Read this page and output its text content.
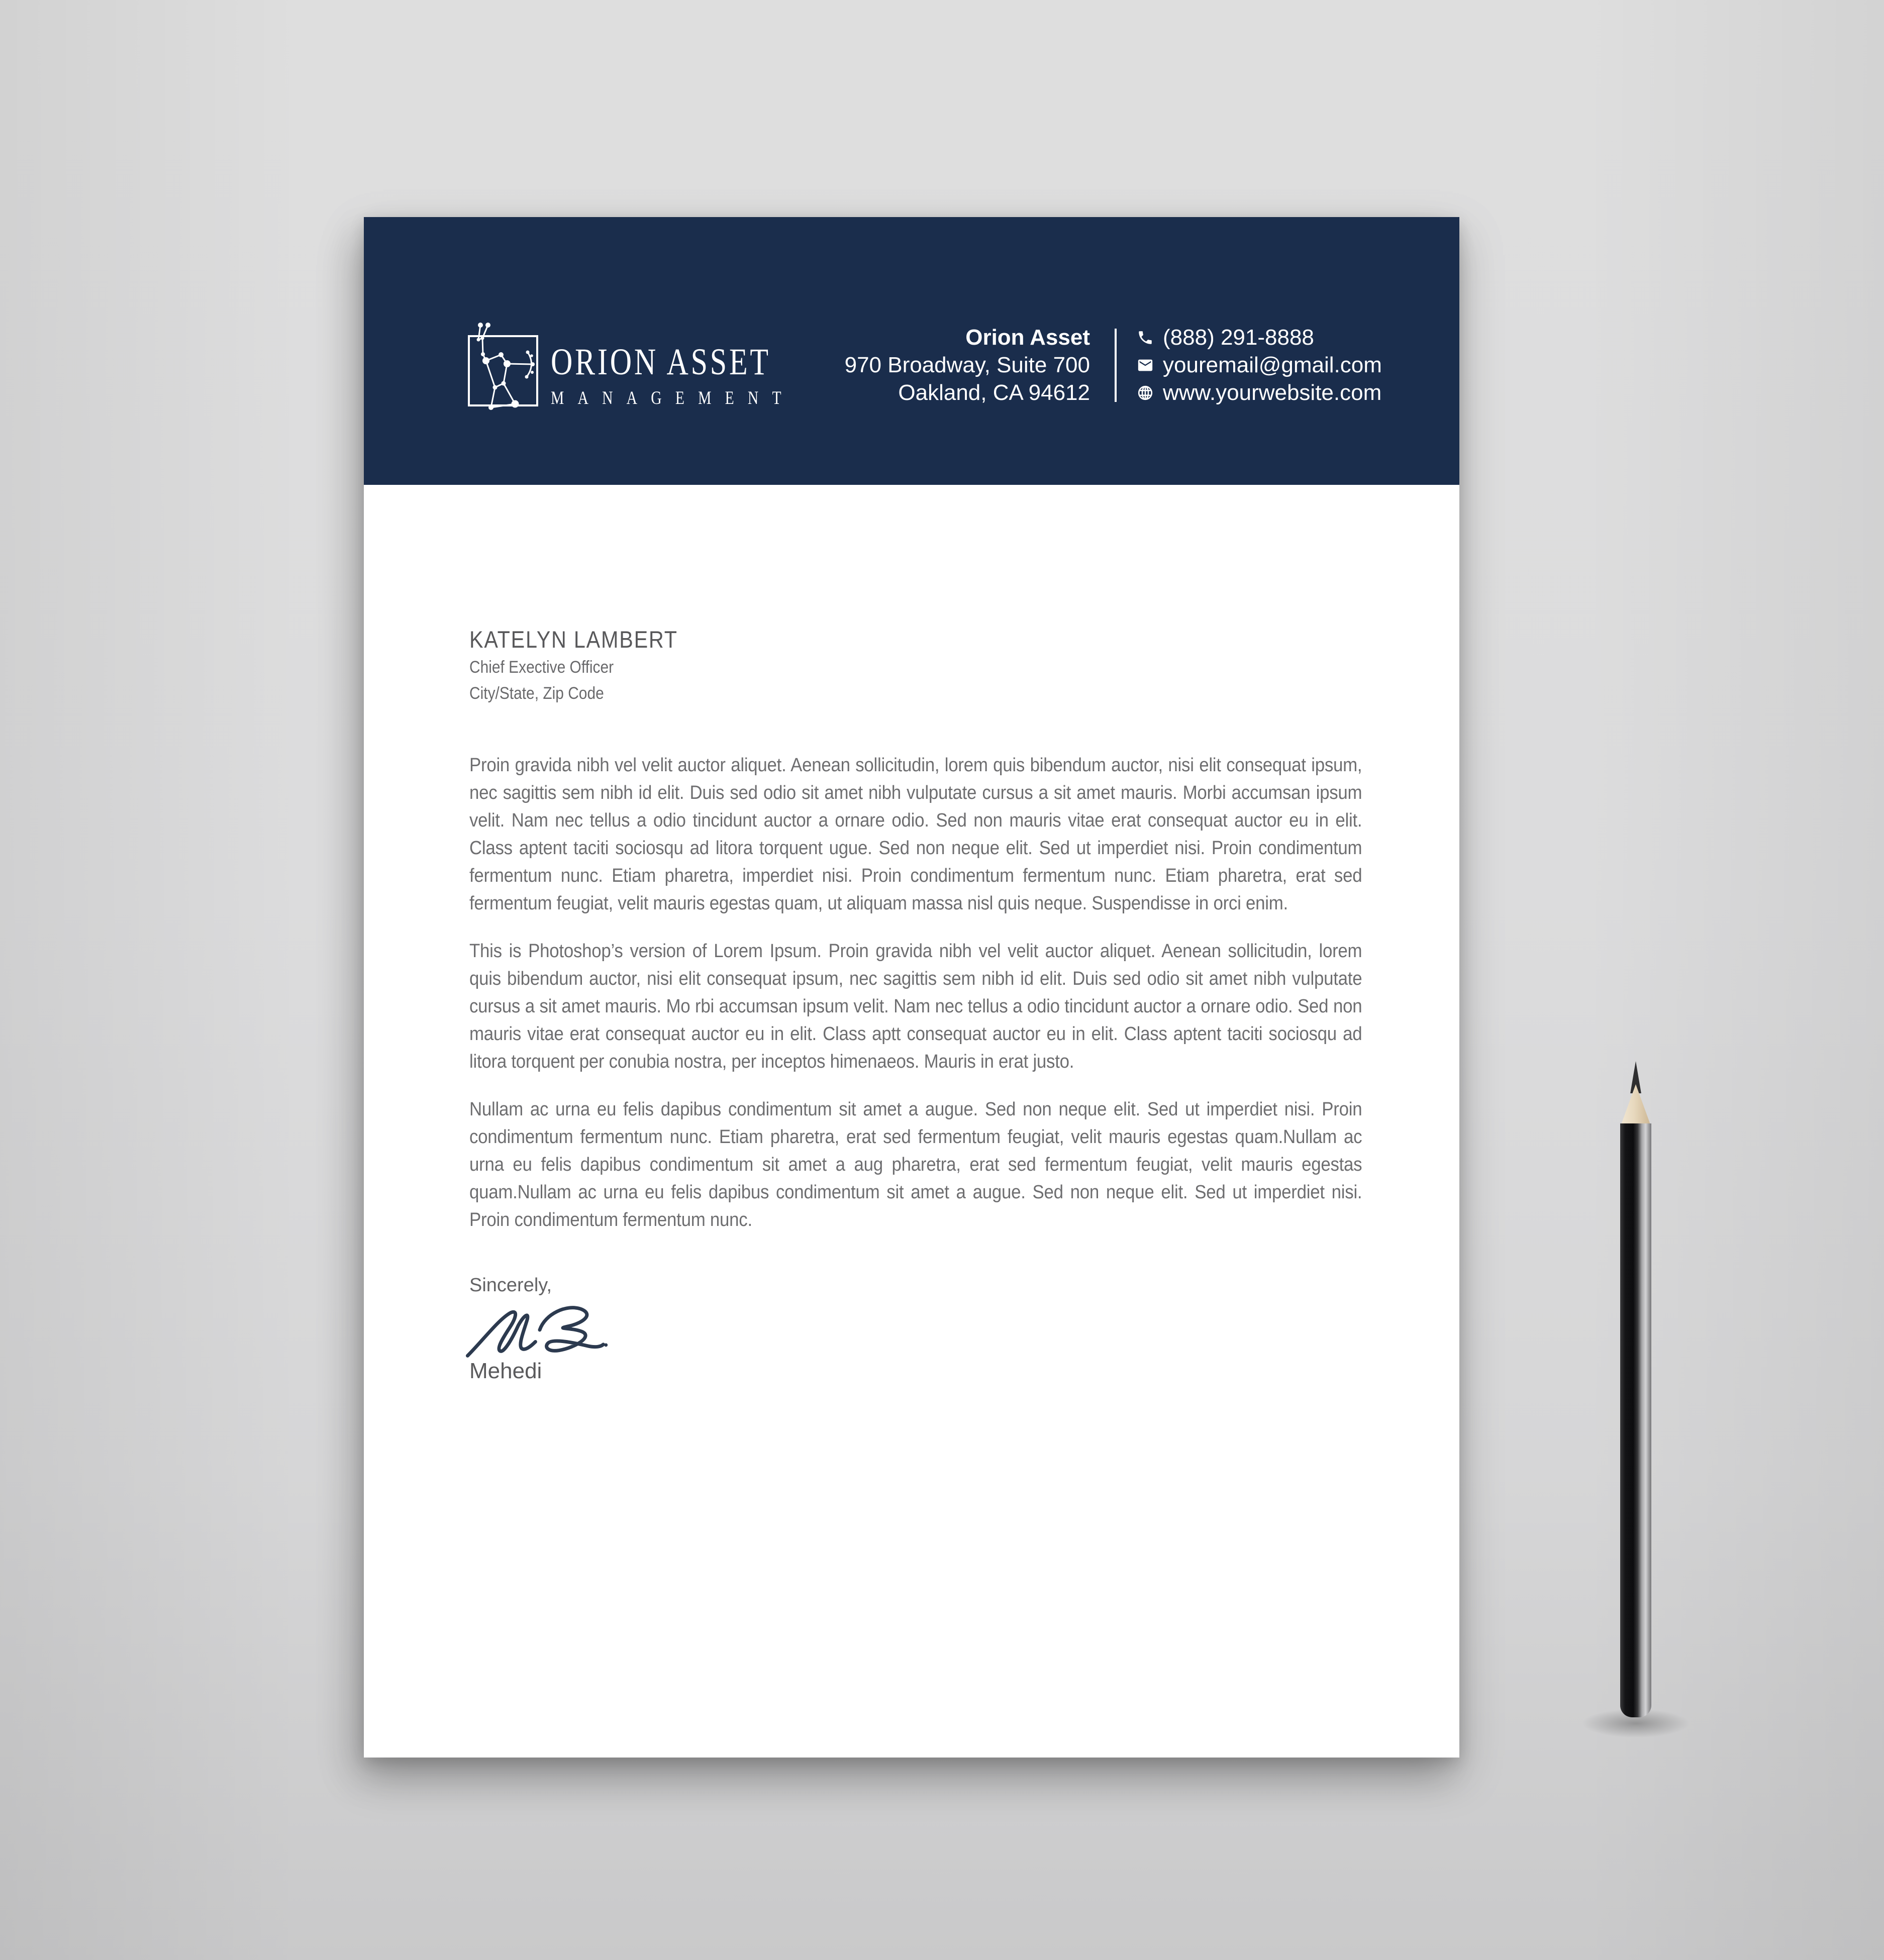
ORION ASSET
MANAGEMENT
Orion Asset
970 Broadway, Suite 700
Oakland, CA 94612
(888) 291-8888
youremail@gmail.com
www.yourwebsite.com
KATELYN LAMBERT
Chief Exective Officer
City/State, Zip Code

Proin gravida nibh vel velit auctor aliquet. Aenean sollicitudin, lorem quis bibendum auctor, nisi elit consequat ipsum, nec sagittis sem nibh id elit. Duis sed odio sit amet nibh vulputate cursus a sit amet mauris. Morbi accumsan ipsum velit. Nam nec tellus a odio tincidunt auctor a ornare odio. Sed non mauris vitae erat consequat auctor eu in elit. Class aptent taciti sociosqu ad litora torquent ugue. Sed non neque elit. Sed ut imperdiet nisi. Proin condimentum fermentum nunc. Etiam pharetra, imperdiet nisi. Proin condimentum fermentum nunc. Etiam pharetra, erat sed fermentum feugiat, velit mauris egestas quam, ut aliquam massa nisl quis neque. Suspendisse in orci enim.

This is Photoshop’s version of Lorem Ipsum. Proin gravida nibh vel velit auctor aliquet. Aenean sollicitudin, lorem quis bibendum auctor, nisi elit consequat ipsum, nec sagittis sem nibh id elit. Duis sed odio sit amet nibh vulputate cursus a sit amet mauris. Mo rbi accumsan ipsum velit. Nam nec tellus a odio tincidunt auctor a ornare odio. Sed non mauris vitae erat consequat auctor eu in elit. Class aptt consequat auctor eu in elit. Class aptent taciti sociosqu ad litora torquent per conubia nostra, per inceptos himenaeos. Mauris in erat justo.

Nullam ac urna eu felis dapibus condimentum sit amet a augue. Sed non neque elit. Sed ut imperdiet nisi. Proin condimentum fermentum nunc. Etiam pharetra, erat sed fermentum feugiat, velit mauris egestas quam.Nullam ac urna eu felis dapibus condimentum sit amet a aug pharetra, erat sed fermentum feugiat, velit mauris egestas quam.Nullam ac urna eu felis dapibus condimentum sit amet a augue. Sed non neque elit. Sed ut imperdiet nisi. Proin condimentum fermentum nunc.

Sincerely,
Mehedi
